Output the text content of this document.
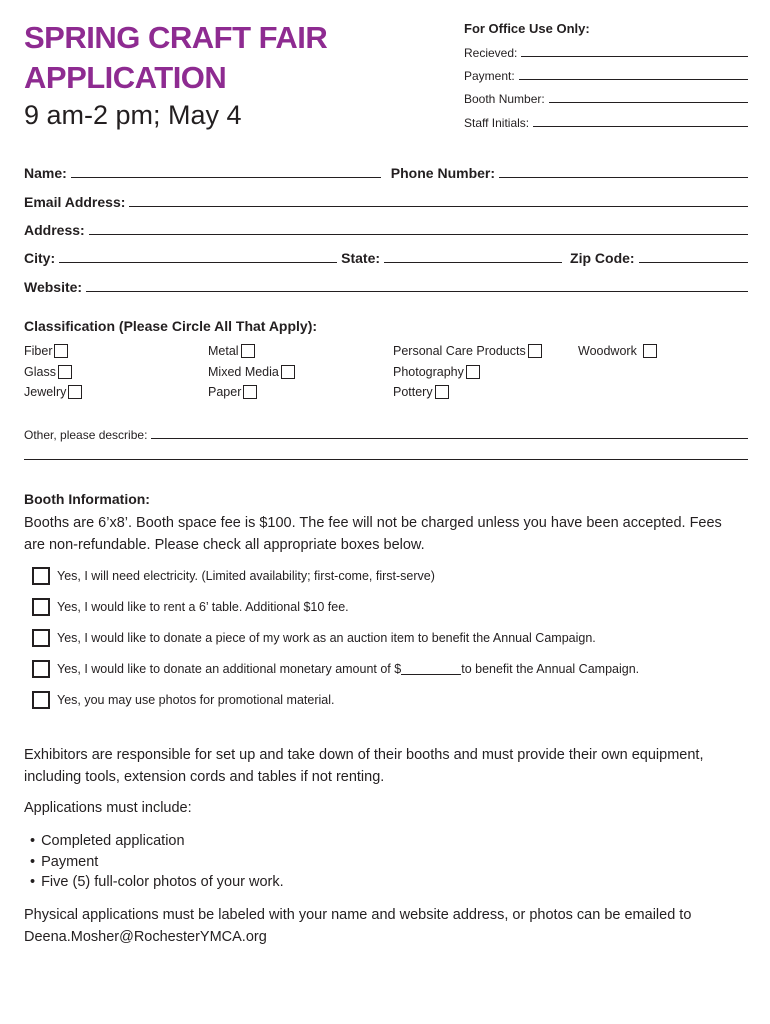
SPRING CRAFT FAIR
APPLICATION
9 am-2 pm; May 4
For Office Use Only:
Recieved:
Payment:
Booth Number:
Staff Initials:
Name:	Phone Number:
Email Address:
Address:
City:	State:	Zip Code:
Website:
Classification (Please Circle All That Apply):
Fiber
Glass
Jewelry
Metal
Mixed Media
Paper
Personal Care Products
Photography
Pottery
Woodwork
Other, please describe:
Booth Information:
Booths are 6’x8’. Booth space fee is $100. The fee will not be charged unless you have been accepted. Fees are non-refundable. Please check all appropriate boxes below.
Yes, I will need electricity. (Limited availability; first-come, first-serve)
Yes, I would like to rent a 6’ table. Additional $10 fee.
Yes, I would like to donate a piece of my work as an auction item to benefit the Annual Campaign.
Yes, I would like to donate an additional monetary amount of $	to benefit the Annual Campaign.
Yes, you may use photos for promotional material.
Exhibitors are responsible for set up and take down of their booths and must provide their own equipment, including tools, extension cords and tables if not renting.
Applications must include:
• Completed application
• Payment
• Five (5) full-color photos of your work.
Physical applications must be labeled with your name and website address, or photos can be emailed to Deena.Mosher@RochesterYMCA.org
